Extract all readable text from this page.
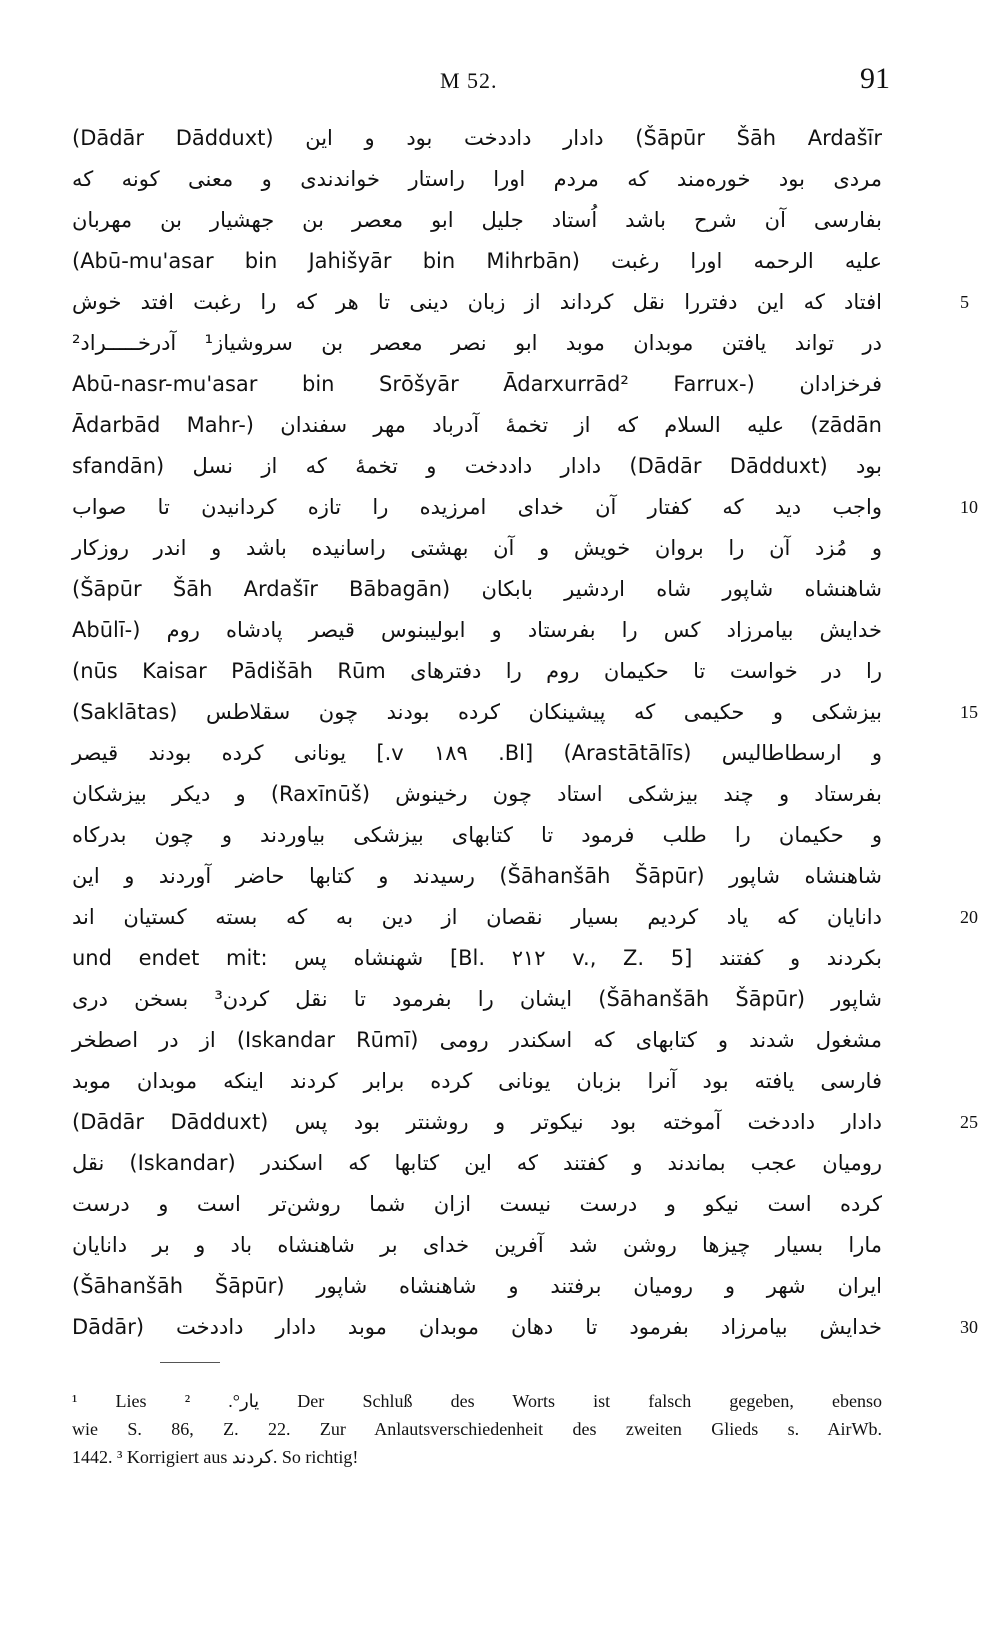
M 52.	91
(Dādār Dādduxt) دادار داددخت بود و این (Šāpūr Šāh Ardašīr
مردی بود خورەمند که مردم اورا راستار خواندندی و معنی کونه که
بفارسی آن شرح باشد اُستاد جلیل ابو معصر بن جهشیار بن مهربان
(Abū-mu'asar bin Jahišyār bin Mihrbān) علیه الرحمه اورا رغبت
افتاد که این دفتررا نقل کرداند از زبان دینی تا هر که را رغبت افتد خوش	5
در تواند یافتن موبدان موبد ابو نصر معصر بن سروشیاز¹ آدرخـــــراد²
Abū-nasr-mu'asar bin Srōšyār Ādarxurrād² Farrux-) فرخزادان
Ādarbād Mahr-) علیه السلام که از تخمهٔ آدرباد مهر سفندان (zādān
بود (Dādār Dādduxt) دادار داددخت و تخمهٔ که از نسل (sfandān
واجب دید که کفتار آن خدای امرزیده را تازه کردانیدن تا صواب	10
و مُزد آن را بروان خویش و آن بهشتی راسانیده باشد و اندر روزکار
(Šāpūr Šāh Ardašīr Bābagān) شاهنشاه شاپور شاه اردشیر بابکان
Abūlī-) خدایش بیامرزاد کس را بفرستاد و ابولیبنوس قیصر پادشاه روم
(nūs Kaisar Pādišāh Rūm را در خواست تا حکیمان روم را دفترهای
(Saklātas) بیزشکی و حکیمی که پیشینکان کرده بودند چون سقلاطس	15
و ارسطاطالیس (Arastātālīs) [Bl. ١٨٩ v.] یونانی کرده بودند قیصر
بفرستاد و چند بیزشکی استاد چون رخینوش (Raxīnūš) و دیکر بیزشکان
و حکیمان را طلب فرمود تا کتابهای بیزشکی بیاوردند و چون بدرکاه
شاهنشاه شاپور (Šāhanšāh Šāpūr) رسیدند و کتابها حاضر آوردند و این
دانایان که یاد کردیم بسیار نقصان از دین به که بسته کستیان اند	20
und endet mit: شهنشاه پس [Bl. ٢١٢ v., Z. 5] بکردند و کفتند
شاپور (Šāhanšāh Šāpūr) ایشان را بفرمود تا نقل کردن³ بسخن دری
مشغول شدند و کتابهای که اسکندر رومی (Iskandar Rūmī) از در اصطخر
فارسی یافته بود آنرا بزبان یونانی کرده برابر کردند اینکه موبدان موبد
(Dādār Dādduxt) دادار داددخت آموخته بود نیکوتر و روشنتر بود پس	25
رومیان عجب بماندند و کفتند که این کتابها که اسکندر (Iskandar) نقل
کرده است نیکو و درست نیست ازان شما روشن‌تر است و درست
مارا بسیار چیزها روشن شد آفرین خدای بر شاهنشاه باد و بر دانایان
ایران شهر و رومیان برفتند و شاهنشاه شاپور (Šāhanšāh Šāpūr)
خدایش بیامرزاد بفرمود تا دهان موبدان موبد دادار داددخت (Dādār	30
¹ Lies یار°. ² Der Schluß des Worts ist falsch gegeben, ebenso
wie S. 86, Z. 22. Zur Anlautsverschiedenheit des zweiten Glieds s. AirWb.
1442. ³ Korrigiert aus کردند. So richtig!
